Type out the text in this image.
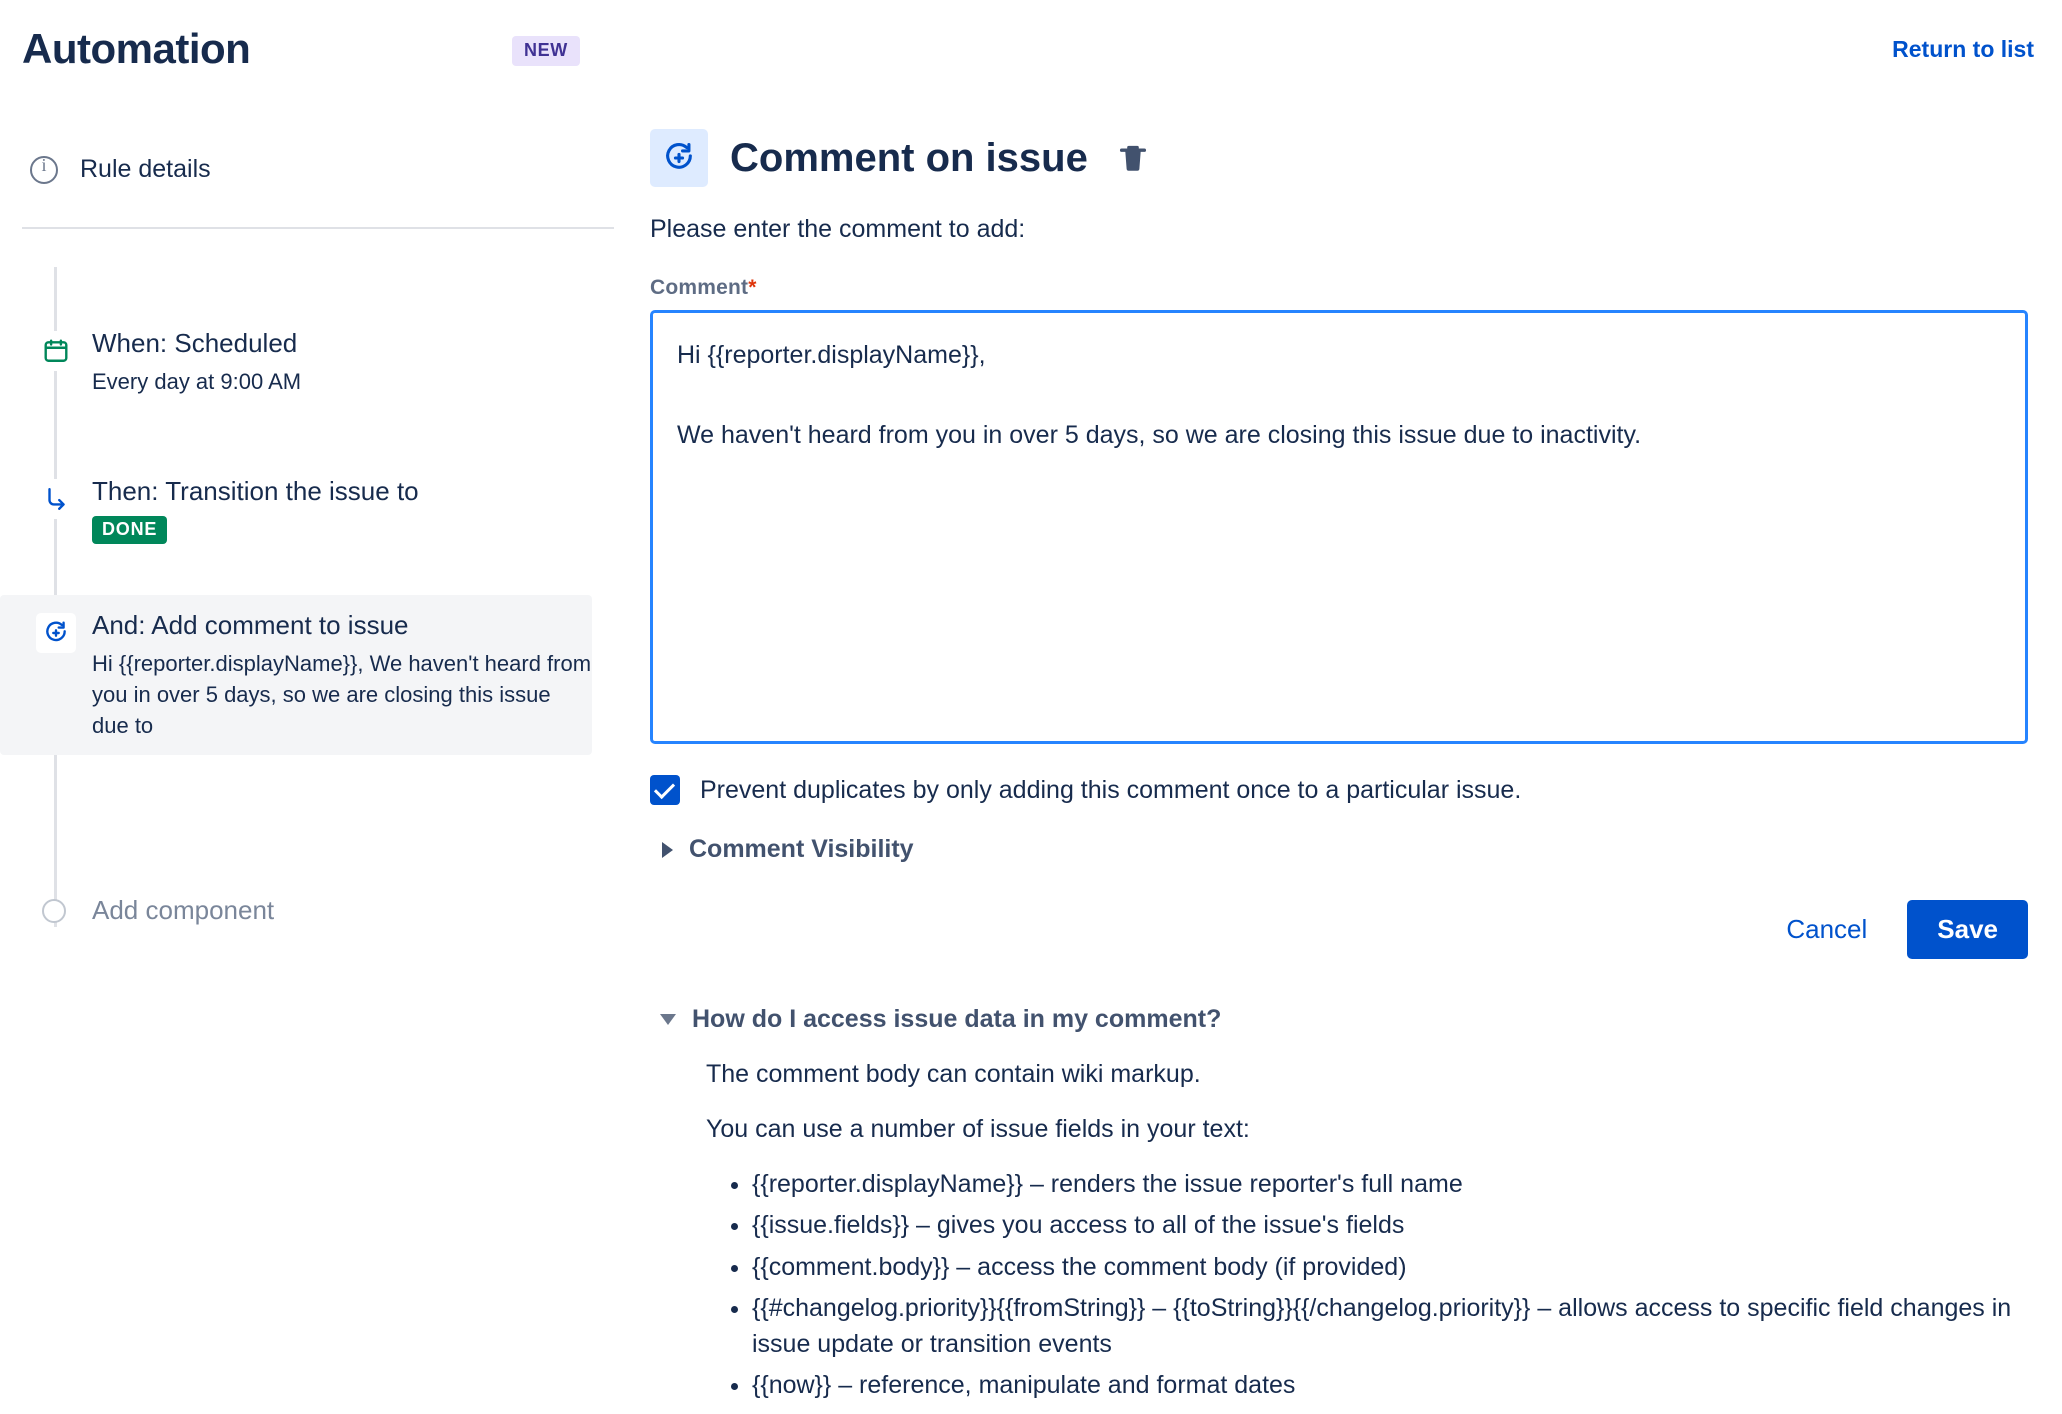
Automation	NEW	Return to list
i
Rule details
When: Scheduled
Every day at 9:00 AM
Then: Transition the issue to
DONE
And: Add comment to issue
Hi {{reporter.displayName}}, We haven't heard from you in over 5 days, so we are closing this issue due to
Add component
Comment on issue
Please enter the comment to add:
Comment*
Hi {{reporter.displayName}}, We haven't heard from you in over 5 days, so we are closing this issue due to inactivity.
Prevent duplicates by only adding this comment once to a particular issue.
Comment Visibility
Cancel	Save
How do I access issue data in my comment?
The comment body can contain wiki markup.
You can use a number of issue fields in your text:
• {{reporter.displayName}} – renders the issue reporter's full name
• {{issue.fields}} – gives you access to all of the issue's fields
• {{comment.body}} – access the comment body (if provided)
• {{#changelog.priority}}{{fromString}} – {{toString}}{{/changelog.priority}} – allows access to specific field changes in issue update or transition events
• {{now}} – reference, manipulate and format dates
